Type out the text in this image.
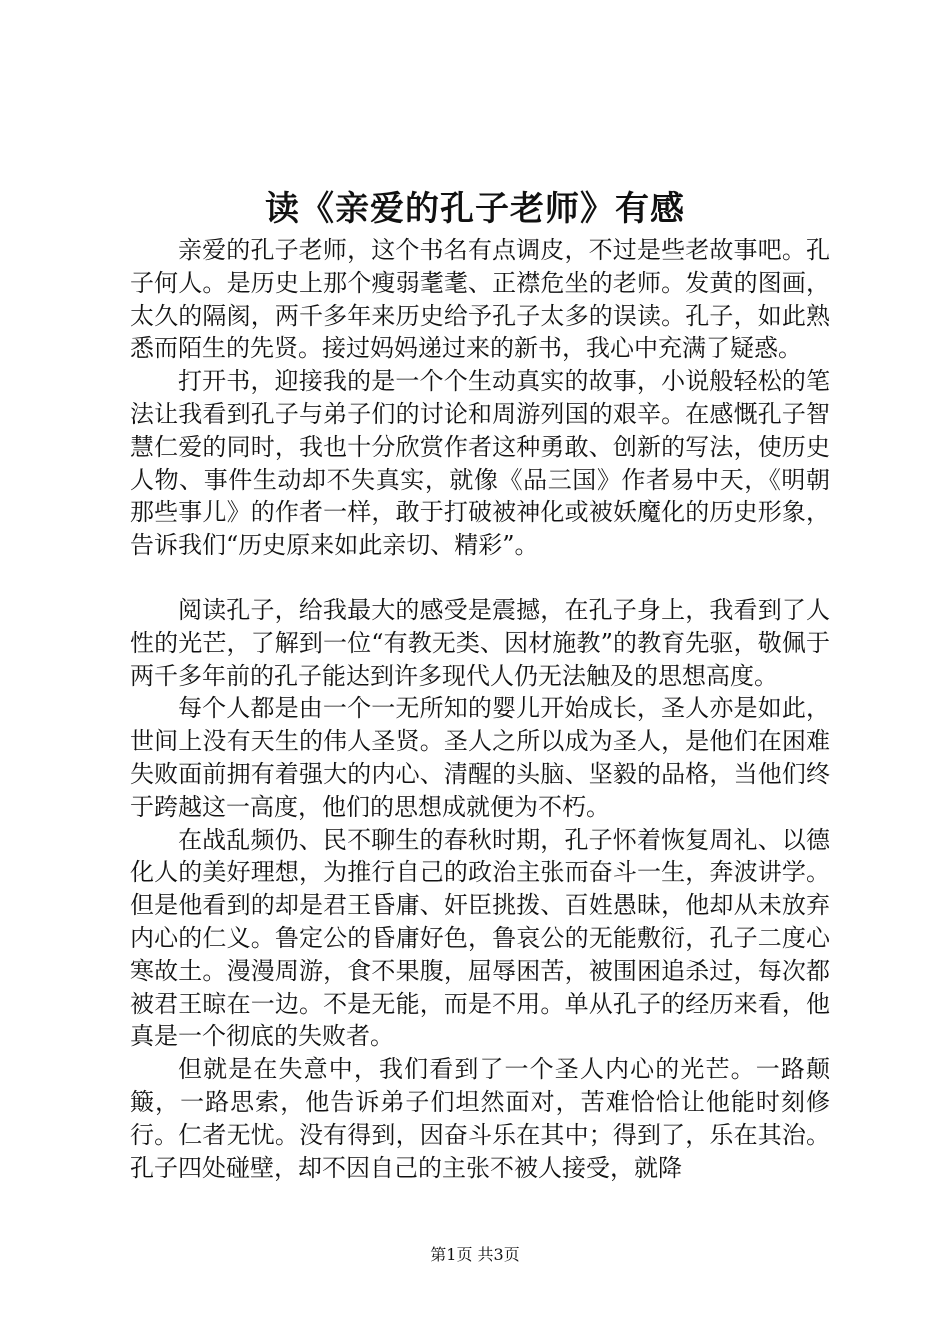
读《亲爱的孔子老师》有感

亲爱的孔子老师，这个书名有点调皮，不过是些老故事吧。孔子何人。是历史上那个瘦弱耄耄、正襟危坐的老师。发黄的图画，太久的隔阂，两千多年来历史给予孔子太多的误读。孔子，如此熟悉而陌生的先贤。接过妈妈递过来的新书，我心中充满了疑惑。

打开书，迎接我的是一个个生动真实的故事，小说般轻松的笔法让我看到孔子与弟子们的讨论和周游列国的艰辛。在感慨孔子智慧仁爱的同时，我也十分欣赏作者这种勇敢、创新的写法，使历史人物、事件生动却不失真实，就像《品三国》作者易中天，《明朝那些事儿》的作者一样，敢于打破被神化或被妖魔化的历史形象，告诉我们“历史原来如此亲切、精彩”。

阅读孔子，给我最大的感受是震撼，在孔子身上，我看到了人性的光芒，了解到一位“有教无类、因材施教”的教育先驱，敬佩于两千多年前的孔子能达到许多现代人仍无法触及的思想高度。

每个人都是由一个一无所知的婴儿开始成长，圣人亦是如此，世间上没有天生的伟人圣贤。圣人之所以成为圣人，是他们在困难失败面前拥有着强大的内心、清醒的头脑、坚毅的品格，当他们终于跨越这一高度，他们的思想成就便为不朽。

在战乱频仍、民不聊生的春秋时期，孔子怀着恢复周礼、以德化人的美好理想，为推行自己的政治主张而奋斗一生，奔波讲学。但是他看到的却是君王昏庸、奸臣挑拨、百姓愚昧，他却从未放弃内心的仁义。鲁定公的昏庸好色，鲁哀公的无能敷衍，孔子二度心寒故土。漫漫周游，食不果腹，屈辱困苦，被围困追杀过，每次都被君王晾在一边。不是无能，而是不用。单从孔子的经历来看，他真是一个彻底的失败者。

但就是在失意中，我们看到了一个圣人内心的光芒。一路颠簸，一路思索，他告诉弟子们坦然面对，苦难恰恰让他能时刻修行。仁者无忧。没有得到，因奋斗乐在其中；得到了，乐在其治。孔子四处碰壁，却不因自己的主张不被人接受，就降

第1页 共3页
